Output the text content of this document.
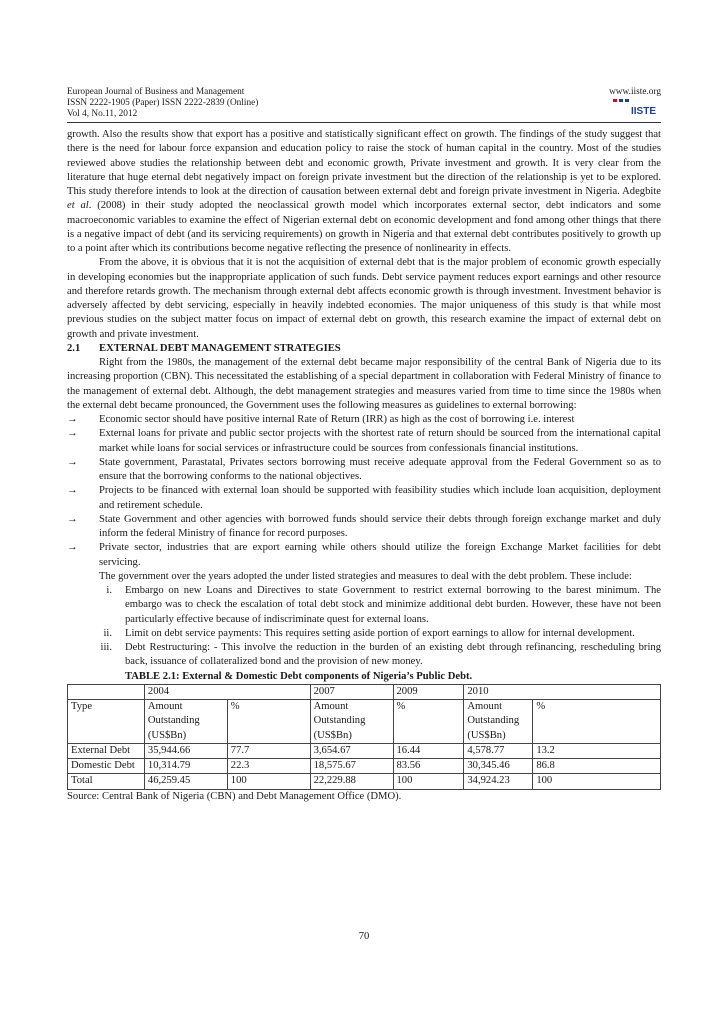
European Journal of Business and Management
ISSN 2222-1905 (Paper) ISSN 2222-2839 (Online)
Vol 4, No.11, 2012
www.iiste.org
IISTE

growth. Also the results show that export has a positive and statistically significant effect on growth. The findings of the study suggest that there is the need for labour force expansion and education policy to raise the stock of human capital in the country. Most of the studies reviewed above studies the relationship between debt and economic growth, Private investment and growth. It is very clear from the literature that huge eternal debt negatively impact on foreign private investment but the direction of the relationship is yet to be explored. This study therefore intends to look at the direction of causation between external debt and foreign private investment in Nigeria. Adegbite et al. (2008) in their study adopted the neoclassical growth model which incorporates external sector, debt indicators and some macroeconomic variables to examine the effect of Nigerian external debt on economic development and fond among other things that there is a negative impact of debt (and its servicing requirements) on growth in Nigeria and that external debt contributes positively to growth up to a point after which its contributions become negative reflecting the presence of nonlinearity in effects.

From the above, it is obvious that it is not the acquisition of external debt that is the major problem of economic growth especially in developing economies but the inappropriate application of such funds. Debt service payment reduces export earnings and other resource and therefore retards growth. The mechanism through external debt affects economic growth is through investment. Investment behavior is adversely affected by debt servicing, especially in heavily indebted economies. The major uniqueness of this study is that while most previous studies on the subject matter focus on impact of external debt on growth, this research examine the impact of external debt on growth and private investment.

2.1 EXTERNAL DEBT MANAGEMENT STRATEGIES

Right from the 1980s, the management of the external debt became major responsibility of the central Bank of Nigeria due to its increasing proportion (CBN). This necessitated the establishing of a special department in collaboration with Federal Ministry of finance to the management of external debt. Although, the debt management strategies and measures varied from time to time since the 1980s when the external debt became pronounced, the Government uses the following measures as guidelines to external borrowing:

→	Economic sector should have positive internal Rate of Return (IRR) as high as the cost of borrowing i.e. interest
→	External loans for private and public sector projects with the shortest rate of return should be sourced from the international capital market while loans for social services or infrastructure could be sources from confessionals financial institutions.
→	State government, Parastatal, Privates sectors borrowing must receive adequate approval from the Federal Government so as to ensure that the borrowing conforms to the national objectives.
→	Projects to be financed with external loan should be supported with feasibility studies which include loan acquisition, deployment and retirement schedule.
→	State Government and other agencies with borrowed funds should service their debts through foreign exchange market and duly inform the federal Ministry of finance for record purposes.
→	Private sector, industries that are export earning while others should utilize the foreign Exchange Market facilities for debt servicing.

The government over the years adopted the under listed strategies and measures to deal with the debt problem. These include:

i.	Embargo on new Loans and Directives to state Government to restrict external borrowing to the barest minimum. The embargo was to check the escalation of total debt stock and minimize additional debt burden. However, these have not been particularly effective because of indiscriminate quest for external loans.
ii.	Limit on debt service payments: This requires setting aside portion of export earnings to allow for internal development.
iii.	Debt Restructuring: - This involve the reduction in the burden of an existing debt through refinancing, rescheduling bring back, issuance of collateralized bond and the provision of new money.
TABLE 2.1: External & Domestic Debt components of Nigeria’s Public Debt.
	2004		2007	2009	2010	
Type	Amount Outstanding (US$Bn)	%	Amount Outstanding (US$Bn)	%	Amount Outstanding (US$Bn)	%
External Debt	35,944.66	77.7	3,654.67	16.44	4,578.77	13.2
Domestic Debt	10,314.79	22.3	18,575.67	83.56	30,345.46	86.8
Total	46,259.45	100	22,229.88	100	34,924.23	100
Source: Central Bank of Nigeria (CBN) and Debt Management Office (DMO).
70
